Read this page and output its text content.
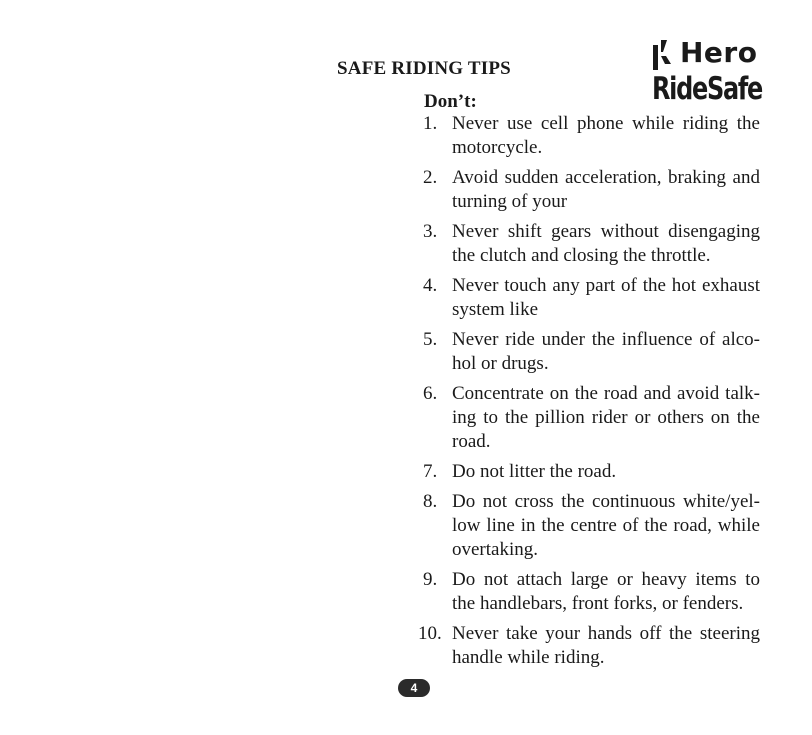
SAFE RIDING TIPS	Hero
RideSafe
Don’t:
1. Never use cell phone while riding the motorcycle.
2. Avoid sudden acceleration, braking and turning of your
3. Never shift gears without disengaging the clutch and closing the throttle.
4. Never touch any part of the hot exhaust system like
5. Never ride under the influence of alco-hol or drugs.
6. Concentrate on the road and avoid talk-ing to the pillion rider or others on the road.
7. Do not litter the road.
8. Do not cross the continuous white/yel-low line in the centre of the road, while overtaking.
9. Do not attach large or heavy items to the handlebars, front forks, or fenders.
10. Never take your hands off the steering handle while riding.
4
